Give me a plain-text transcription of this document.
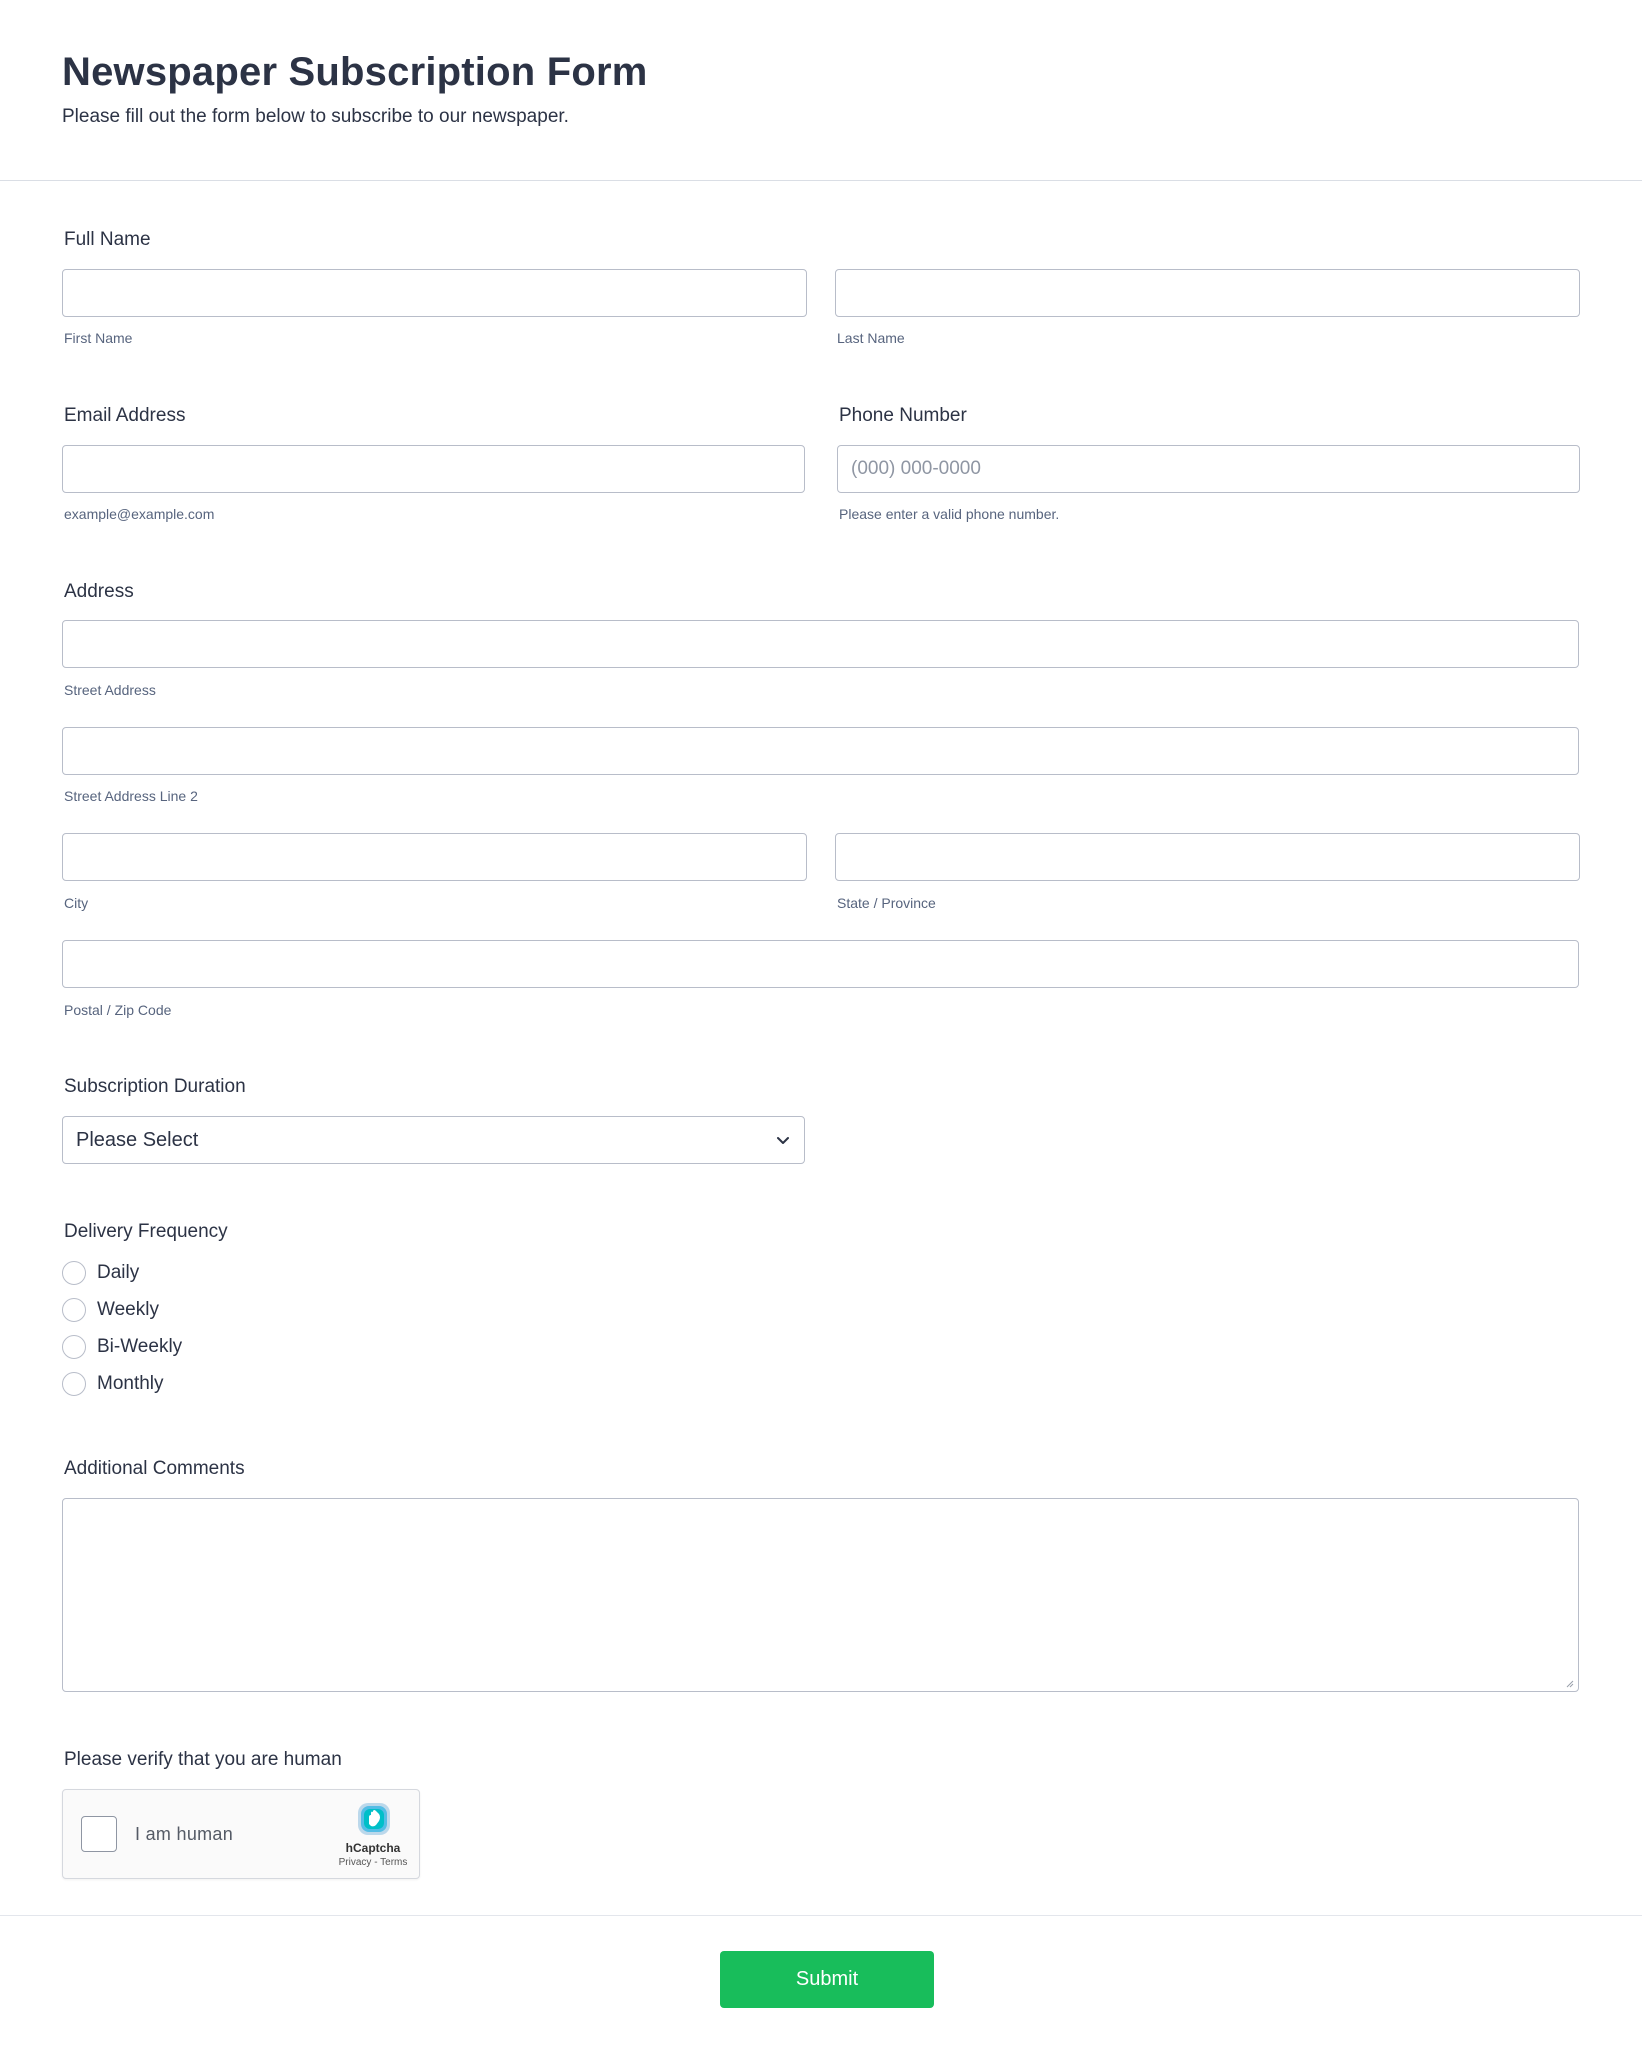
Newspaper Subscription Form

Please fill out the form below to subscribe to our newspaper.

Full Name
First Name	Last Name
Email Address
example@example.com
Phone Number
(000) 000-0000
Please enter a valid phone number.
Address
Street Address
Street Address Line 2
City	State / Province
Postal / Zip Code
Subscription Duration
Please Select
Delivery Frequency
Daily
Weekly
Bi-Weekly
Monthly
Additional Comments
Please verify that you are human
I am human
hCaptcha
Privacy - Terms
Submit
